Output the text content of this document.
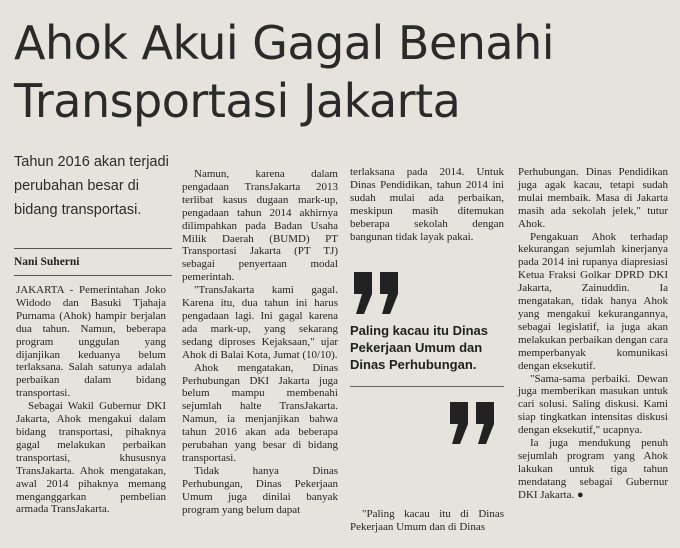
Ahok Akui Gagal Benahi
Transportasi Jakarta
Tahun 2016 akan terjadi perubahan besar di bidang transportasi.
Nani Suherni

JAKARTA - Pemerintahan Joko Widodo dan Basuki Tjahaja Purnama (Ahok) hampir berjalan dua tahun. Namun, beberapa program unggulan yang dijanjikan keduanya belum terlaksana. Salah satunya adalah perbaikan dalam bidang transportasi.

Sebagai Wakil Gubernur DKI Jakarta, Ahok mengakui dalam bidang transportasi, pihaknya gagal melakukan perbaikan transportasi, khususnya TransJakarta. Ahok mengatakan, awal 2014 pihaknya memang menganggarkan pembelian armada TransJakarta.

Namun, karena dalam pengadaan TransJakarta 2013 terlibat kasus dugaan mark-up, pengadaan tahun 2014 akhirnya dilimpahkan pada Badan Usaha Milik Daerah (BUMD) PT Transportasi Jakarta (PT TJ) sebagai penyertaan modal pemerintah.

"TransJakarta kami gagal. Karena itu, dua tahun ini harus pengadaan lagi. Ini gagal karena ada mark-up, yang sekarang sedang diproses Kejaksaan," ujar Ahok di Balai Kota, Jumat (10/10).

Ahok mengatakan, Dinas Perhubungan DKI Jakarta juga belum mampu membenahi sejumlah halte TransJakarta. Namun, ia menjanjikan bahwa tahun 2016 akan ada beberapa perubahan yang besar di bidang transportasi.

Tidak hanya Dinas Perhubungan, Dinas Pekerjaan Umum juga dinilai banyak program yang belum dapat

terlaksana pada 2014. Untuk Dinas Pendidikan, tahun 2014 ini sudah mulai ada perbaikan, meskipun masih ditemukan beberapa sekolah dengan bangunan tidak layak pakai.

Paling kacau itu Dinas Pekerjaan Umum dan Dinas Perhubungan.

"Paling kacau itu di Dinas Pekerjaan Umum dan di Dinas

Perhubungan. Dinas Pendidikan juga agak kacau, tetapi sudah mulai membaik. Masa di Jakarta masih ada sekolah jelek," tutur Ahok.

Pengakuan Ahok terhadap kekurangan sejumlah kinerjanya pada 2014 ini rupanya diapresiasi Ketua Fraksi Golkar DPRD DKI Jakarta, Zainuddin. Ia mengatakan, tidak hanya Ahok yang mengakui kekurangannya, sebagai legislatif, ia juga akan melakukan perbaikan dengan cara memperbanyak komunikasi dengan eksekutif.

"Sama-sama perbaiki. Dewan juga memberikan masukan untuk cari solusi. Saling diskusi. Kami siap tingkatkan intensitas diskusi dengan eksekutif," ucapnya.

Ia juga mendukung penuh sejumlah program yang Ahok lakukan untuk tiga tahun mendatang sebagai Gubernur DKI Jakarta. ●
